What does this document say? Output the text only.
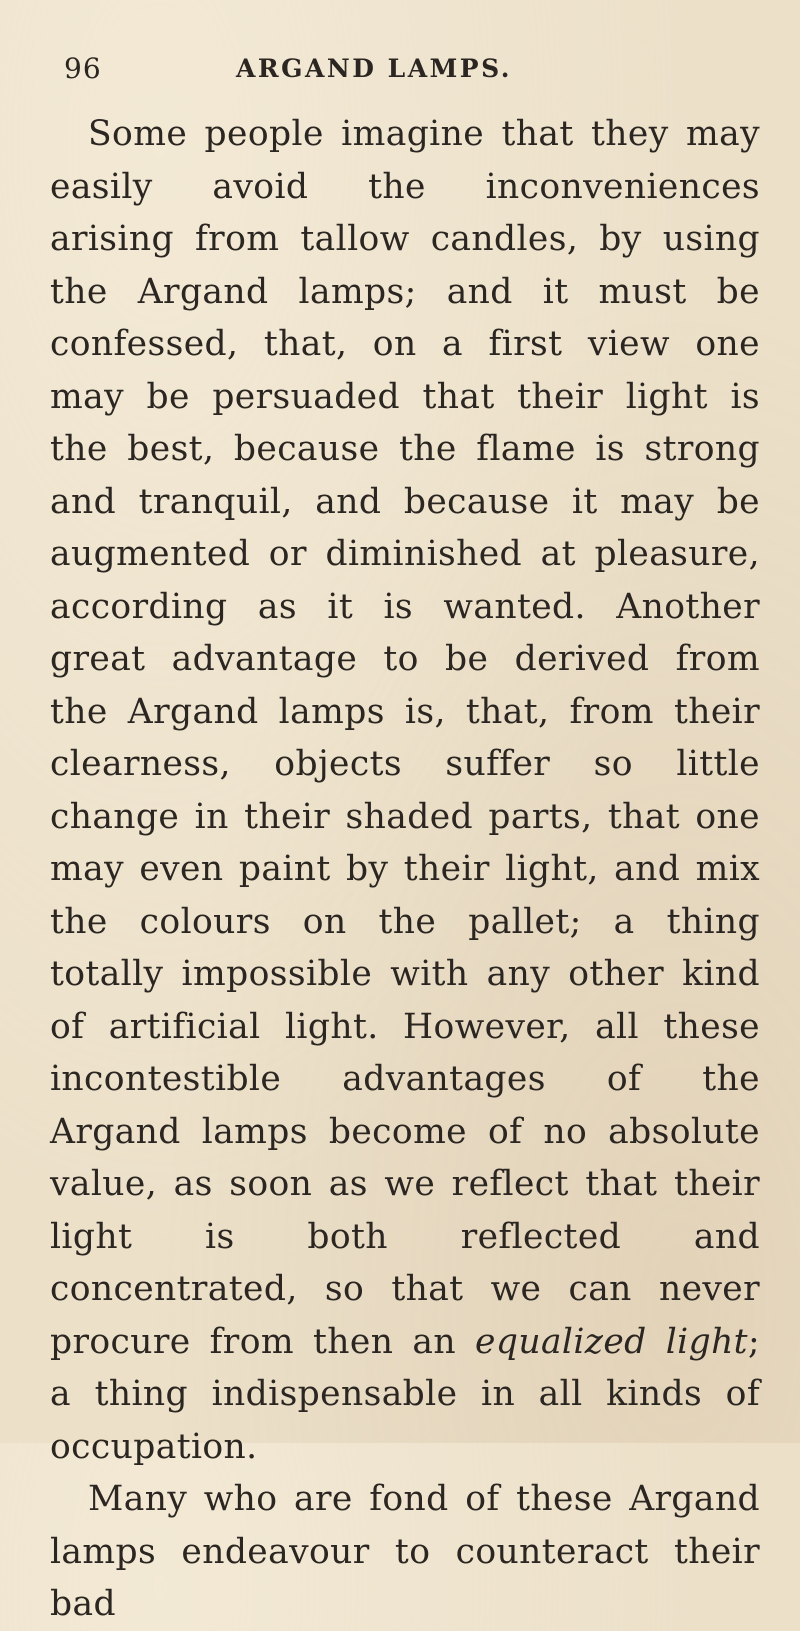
96	ARGAND LAMPS.

Some people imagine that they may easily avoid the inconveniences arising from tallow candles, by using the Argand lamps; and it must be confessed, that, on a first view one may be persuaded that their light is the best, because the flame is strong and tranquil, and because it may be augmented or diminished at pleasure, according as it is wanted. Another great advantage to be derived from the Argand lamps is, that, from their clearness, objects suffer so little change in their shaded parts, that one may even paint by their light, and mix the colours on the pallet; a thing totally impossible with any other kind of artificial light. However, all these incontestible advantages of the Argand lamps become of no absolute value, as soon as we reflect that their light is both reflected and concentrated, so that we can never procure from then an equalized light; a thing indispensable in all kinds of occupation.

Many who are fond of these Argand lamps endeavour to counteract their bad
